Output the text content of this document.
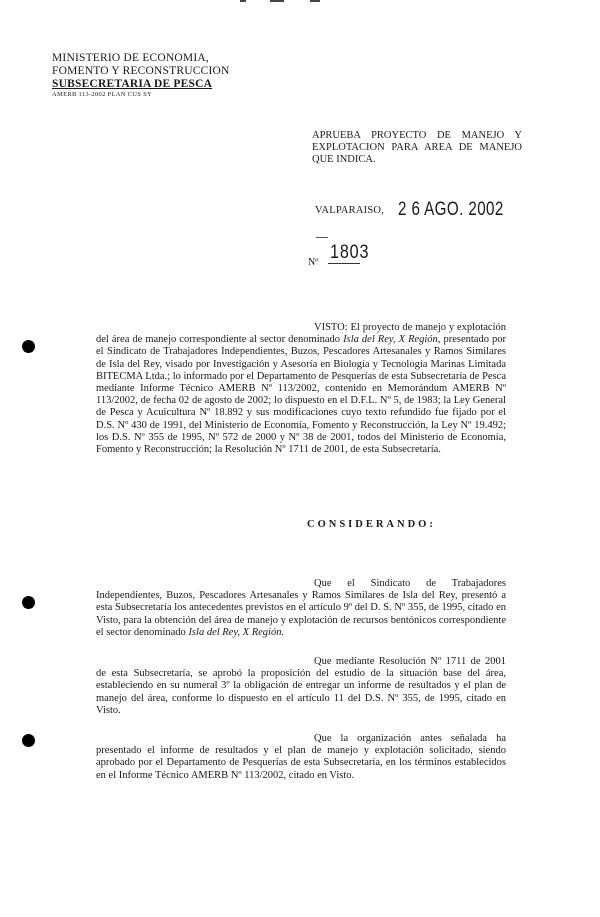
MINISTERIO DE ECONOMIA,
FOMENTO Y RECONSTRUCCION
SUBSECRETARIA DE PESCA
AMERB 113-2002 PLAN CUS SY
APRUEBA PROYECTO DE MANEJO Y EXPLOTACION PARA AREA DE MANEJO QUE INDICA.
VALPARAISO, 2 6 AGO. 2002
Nº 1803
VISTO: El proyecto de manejo y explotación del área de manejo correspondiente al sector denominado Isla del Rey, X Región, presentado por el Sindicato de Trabajadores Independientes, Buzos, Pescadores Artesanales y Ramos Similares de Isla del Rey, visado por Investigación y Asesoría en Biología y Tecnología Marinas Limitada BITECMA Ltda.; lo informado por el Departamento de Pesquerías de esta Subsecretaría de Pesca mediante Informe Técnico AMERB Nº 113/2002, contenido en Memorándum AMERB Nº 113/2002, de fecha 02 de agosto de 2002; lo dispuesto en el D.F.L. Nº 5, de 1983; la Ley General de Pesca y Acuicultura Nº 18.892 y sus modificaciones cuyo texto refundido fue fijado por el D.S. Nº 430 de 1991, del Ministerio de Economía, Fomento y Reconstrucción, la Ley Nº 19.492; los D.S. Nº 355 de 1995, Nº 572 de 2000 y Nº 38 de 2001, todos del Ministerio de Economía, Fomento y Reconstrucción; la Resolución Nº 1711 de 2001, de esta Subsecretaría.
CONSIDERANDO:
Que el Sindicato de Trabajadores Independientes, Buzos, Pescadores Artesanales y Ramos Similares de Isla del Rey, presentó a esta Subsecretaría los antecedentes previstos en el artículo 9º del D. S. Nº 355, de 1995, citado en Visto, para la obtención del área de manejo y explotación de recursos bentónicos correspondiente el sector denominado Isla del Rey, X Región.
Que mediante Resolución Nº 1711 de 2001 de esta Subsecretaría, se aprobó la proposición del estudio de la situación base del área, estableciendo en su numeral 3º la obligación de entregar un informe de resultados y el plan de manejo del área, conforme lo dispuesto en el artículo 11 del D.S. Nº 355, de 1995, citado en Visto.
Que la organización antes señalada ha presentado el informe de resultados y el plan de manejo y explotación solicitado, siendo aprobado por el Departamento de Pesquerías de esta Subsecretaría, en los términos establecidos en el Informe Técnico AMERB Nº 113/2002, citado en Visto.
